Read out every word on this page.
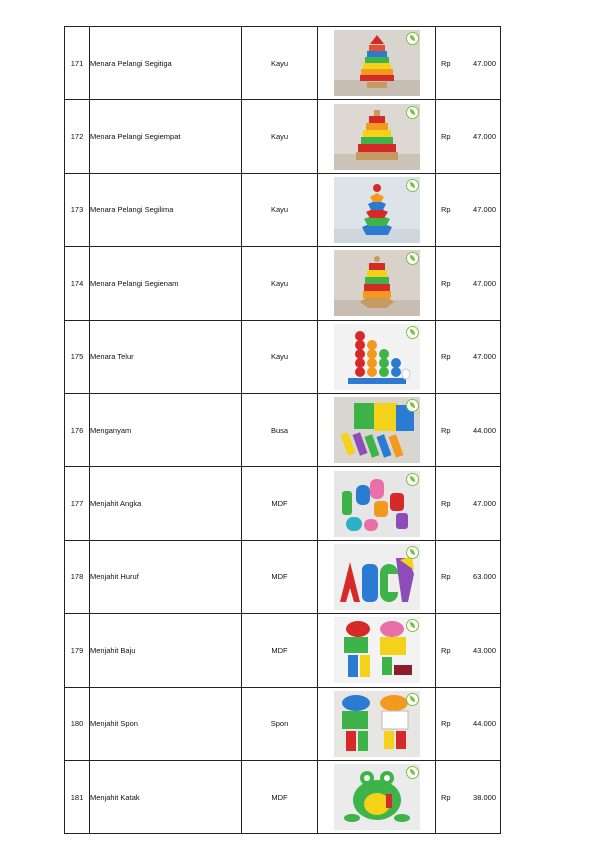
171	Menara Pelangi Segitiga	Kayu		Rp 47.000

172	Menara Pelangi Segiempat	Kayu		Rp 47.000

173	Menara Pelangi Segilima	Kayu		Rp 47.000

174	Menara Pelangi Segienam	Kayu		Rp 47.000

175	Menara Telur	Kayu		Rp 47.000

176	Menganyam	Busa		Rp 44.000

177	Menjahit Angka	MDF		Rp 47.000

178	Menjahit Huruf	MDF		Rp 63.000

179	Menjahit Baju	MDF		Rp 43.000

180	Menjahit Spon	Spon		Rp 44.000

181	Menjahit Katak	MDF		Rp 38.000
